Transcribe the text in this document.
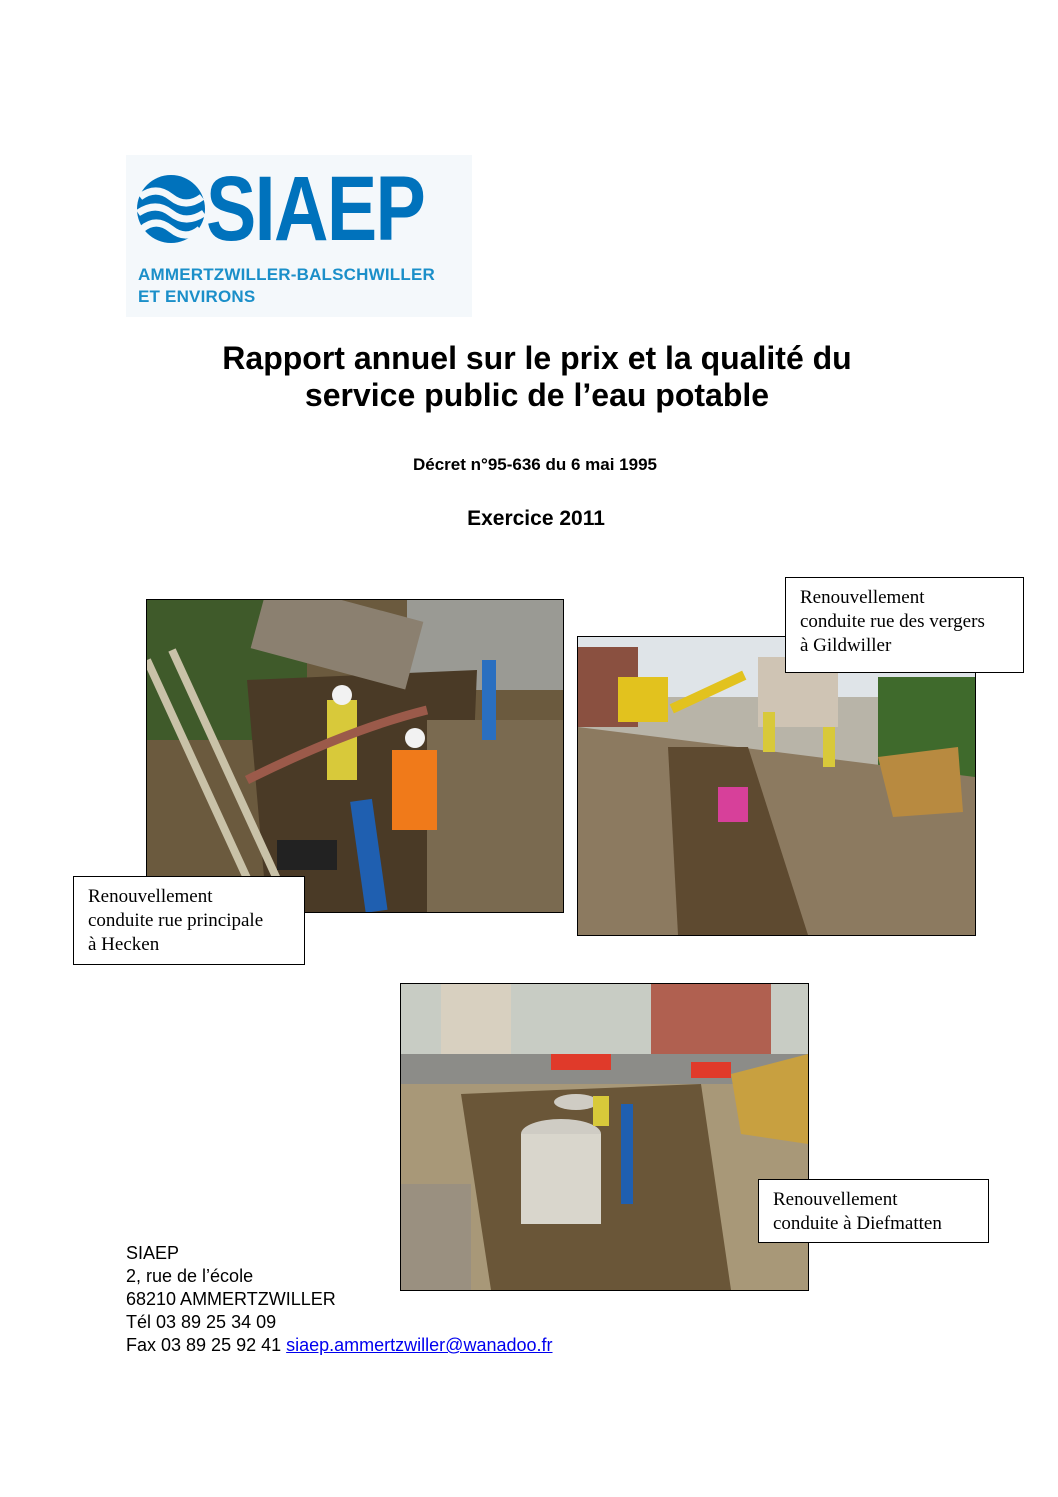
SIAEP
AMMERTZWILLER-BALSCHWILLER
ET ENVIRONS
Rapport annuel sur le prix et la qualité du
service public de l’eau potable
Décret n°95-636 du 6 mai 1995
Exercice 2011
Renouvellement
conduite rue principale
à Hecken
Renouvellement
conduite rue des vergers
à Gildwiller
Renouvellement
conduite à Diefmatten
SIAEP
2, rue de l’école
68210 AMMERTZWILLER
Tél 03 89 25 34 09
Fax 03 89 25 92 41 siaep.ammertzwiller@wanadoo.fr
